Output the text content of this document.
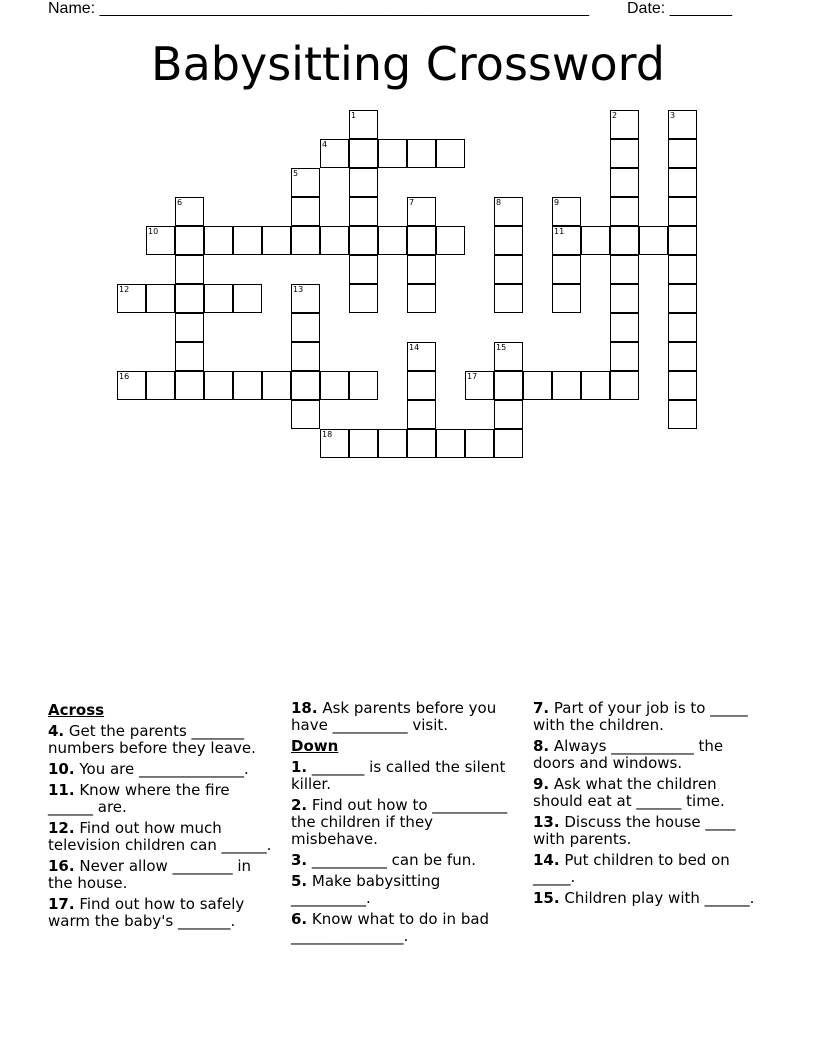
Name: _______________________________________________________ Date: _______
Babysitting Crossword
1	2	3
4
5
6	7	8	9
10	11
12	13
14	15
16	17
18
Across
4. Get the parents _______ numbers before they leave.
10. You are ______________.
11. Know where the fire ______ are.
12. Find out how much television children can ______.
16. Never allow ________ in the house.
17. Find out how to safely warm the baby's _______.
18. Ask parents before you have __________ visit.
Down
1. _______ is called the silent killer.
2. Find out how to __________ the children if they misbehave.
3. __________ can be fun.
5. Make babysitting __________.
6. Know what to do in bad _______________.
7. Part of your job is to _____ with the children.
8. Always ___________ the doors and windows.
9. Ask what the children should eat at ______ time.
13. Discuss the house ____ with parents.
14. Put children to bed on _____.
15. Children play with ______.
